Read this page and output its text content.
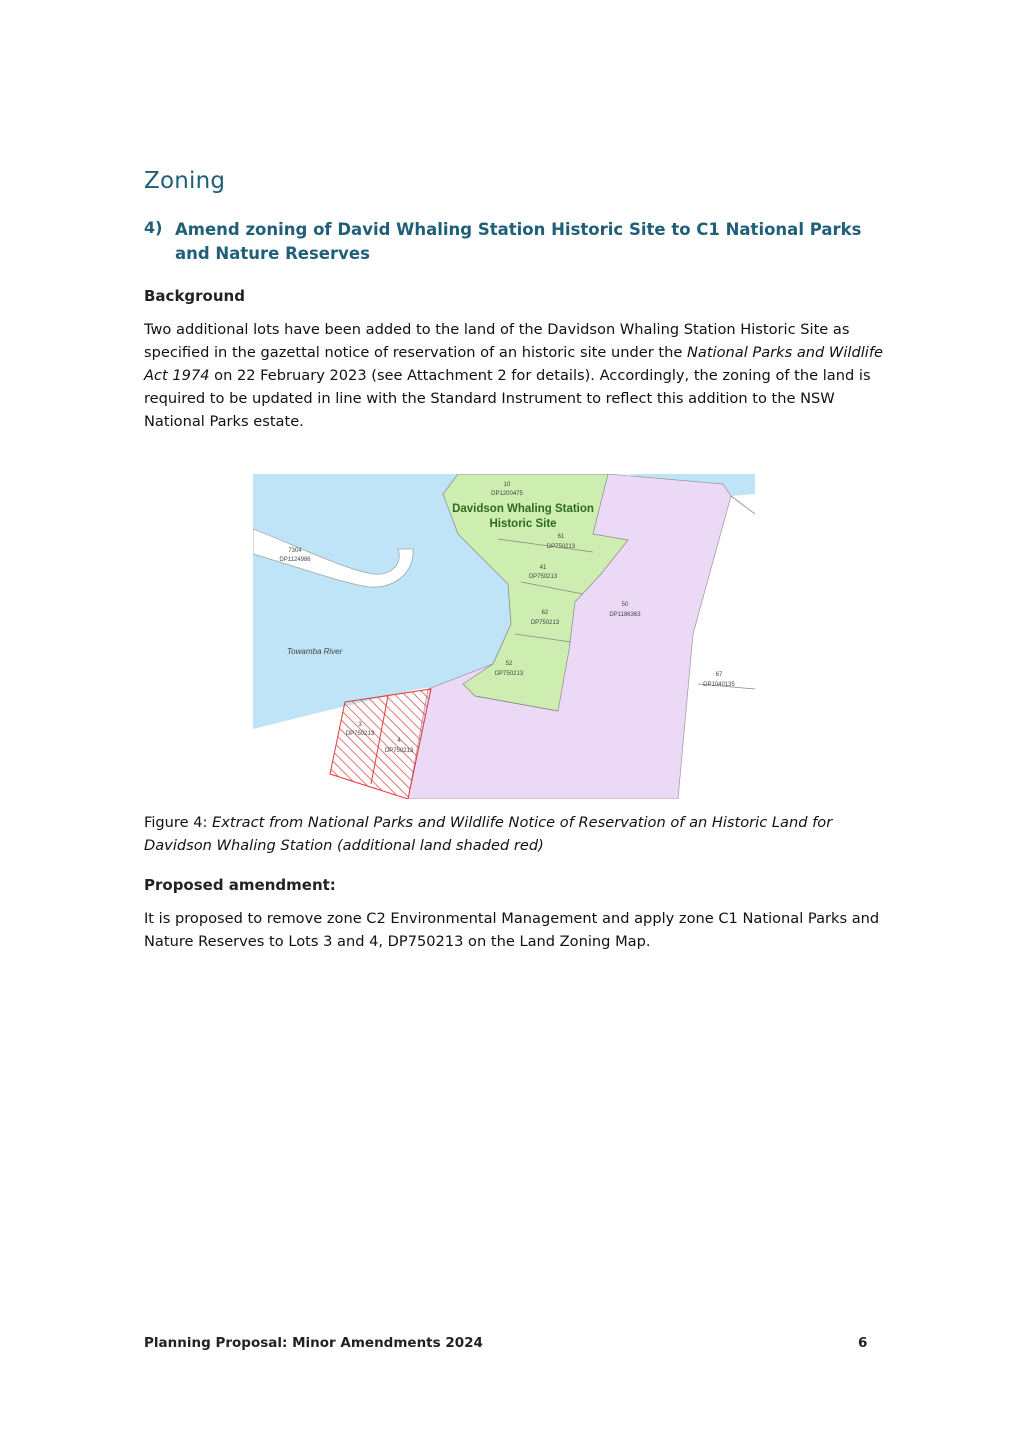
Zoning
4) Amend zoning of David Whaling Station Historic Site to C1 National Parks and Nature Reserves
Background

Two additional lots have been added to the land of the Davidson Whaling Station Historic Site as specified in the gazettal notice of reservation of an historic site under the National Parks and Wildlife Act 1974 on 22 February 2023 (see Attachment 2 for details). Accordingly, the zoning of the land is required to be updated in line with the Standard Instrument to reflect this addition to the NSW National Parks estate.

Davidson Whaling Station
Historic Site
Towamba River
10
DP1200475
7304
DP1124986
61
DP750213
41
DP750213
62
DP750213
50
DP1186363
52
DP750213	67
DP1040135
3
DP750213
4
DP750213

Figure 4: Extract from National Parks and Wildlife Notice of Reservation of an Historic Land for Davidson Whaling Station (additional land shaded red)

Proposed amendment:

It is proposed to remove zone C2 Environmental Management and apply zone C1 National Parks and Nature Reserves to Lots 3 and 4, DP750213 on the Land Zoning Map.

Planning Proposal: Minor Amendments 2024	6
